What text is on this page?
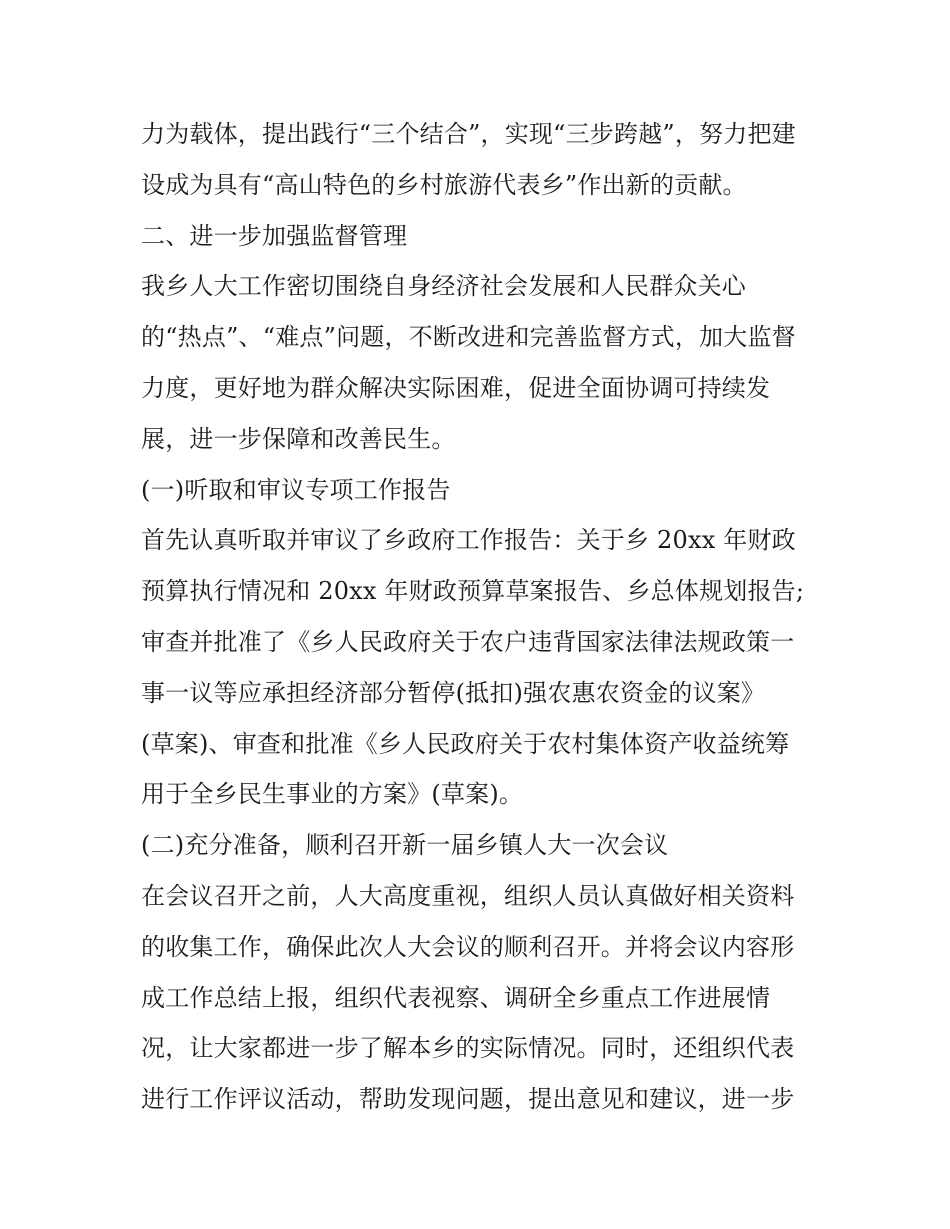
力为载体，提出践行“三个结合”，实现“三步跨越”，努力把建
设成为具有“高山特色的乡村旅游代表乡”作出新的贡献。
二、进一步加强监督管理
我乡人大工作密切围绕自身经济社会发展和人民群众关心
的“热点”、“难点”问题，不断改进和完善监督方式，加大监督
力度，更好地为群众解决实际困难，促进全面协调可持续发
展，进一步保障和改善民生。
(一)听取和审议专项工作报告
首先认真听取并审议了乡政府工作报告：关于乡 20xx 年财政
预算执行情况和 20xx 年财政预算草案报告、乡总体规划报告;
审查并批准了《乡人民政府关于农户违背国家法律法规政策一
事一议等应承担经济部分暂停(抵扣)强农惠农资金的议案》
(草案)、审查和批准《乡人民政府关于农村集体资产收益统筹
用于全乡民生事业的方案》(草案)。
(二)充分准备，顺利召开新一届乡镇人大一次会议
在会议召开之前，人大高度重视，组织人员认真做好相关资料
的收集工作，确保此次人大会议的顺利召开。并将会议内容形
成工作总结上报，组织代表视察、调研全乡重点工作进展情
况，让大家都进一步了解本乡的实际情况。同时，还组织代表
进行工作评议活动，帮助发现问题，提出意见和建议，进一步
